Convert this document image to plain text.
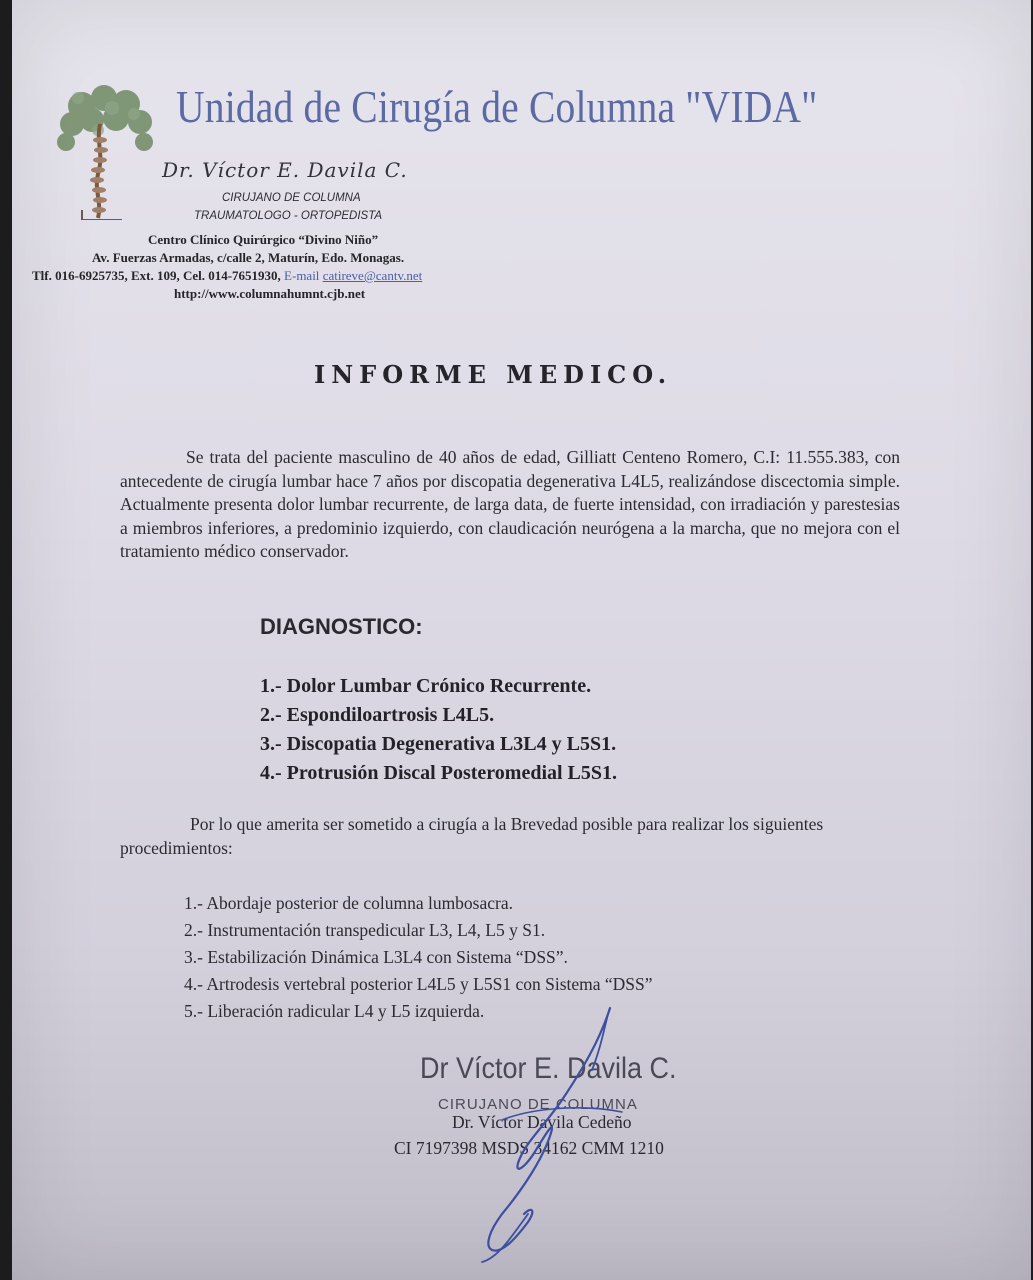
Unidad de Cirugía de Columna "VIDA"
Dr. Víctor E. Davila C.
CIRUJANO DE COLUMNA
TRAUMATOLOGO - ORTOPEDISTA
Centro Clínico Quirúrgico “Divino Niño”
Av. Fuerzas Armadas, c/calle 2, Maturín, Edo. Monagas.
Tlf. 016-6925735, Ext. 109, Cel. 014-7651930, E-mail catireve@cantv.net
http://www.columnahumnt.cjb.net
INFORME MEDICO.

Se trata del paciente masculino de 40 años de edad, Gilliatt Centeno Romero, C.I: 11.555.383, con antecedente de cirugía lumbar hace 7 años por discopatia degenerativa L4L5, realizándose discectomia simple. Actualmente presenta dolor lumbar recurrente, de larga data, de fuerte intensidad, con irradiación y parestesias a miembros inferiores, a predominio izquierdo, con claudicación neurógena a la marcha, que no mejora con el tratamiento médico conservador.

DIAGNOSTICO:
1.- Dolor Lumbar Crónico Recurrente.
2.- Espondiloartrosis L4L5.
3.- Discopatia Degenerativa L3L4 y L5S1.
4.- Protrusión Discal Posteromedial L5S1.

Por lo que amerita ser sometido a cirugía a la Brevedad posible para realizar los siguientes procedimientos:

1.- Abordaje posterior de columna lumbosacra.
2.- Instrumentación transpedicular L3, L4, L5 y S1.
3.- Estabilización Dinámica L3L4 con Sistema “DSS”.
4.- Artrodesis vertebral posterior L4L5 y L5S1 con Sistema “DSS”
5.- Liberación radicular L4 y L5 izquierda.
Dr Víctor E. Davila C.
CIRUJANO DE COLUMNA
Dr. Víctor Davila Cedeño
CI 7197398 MSDS 34162 CMM 1210
